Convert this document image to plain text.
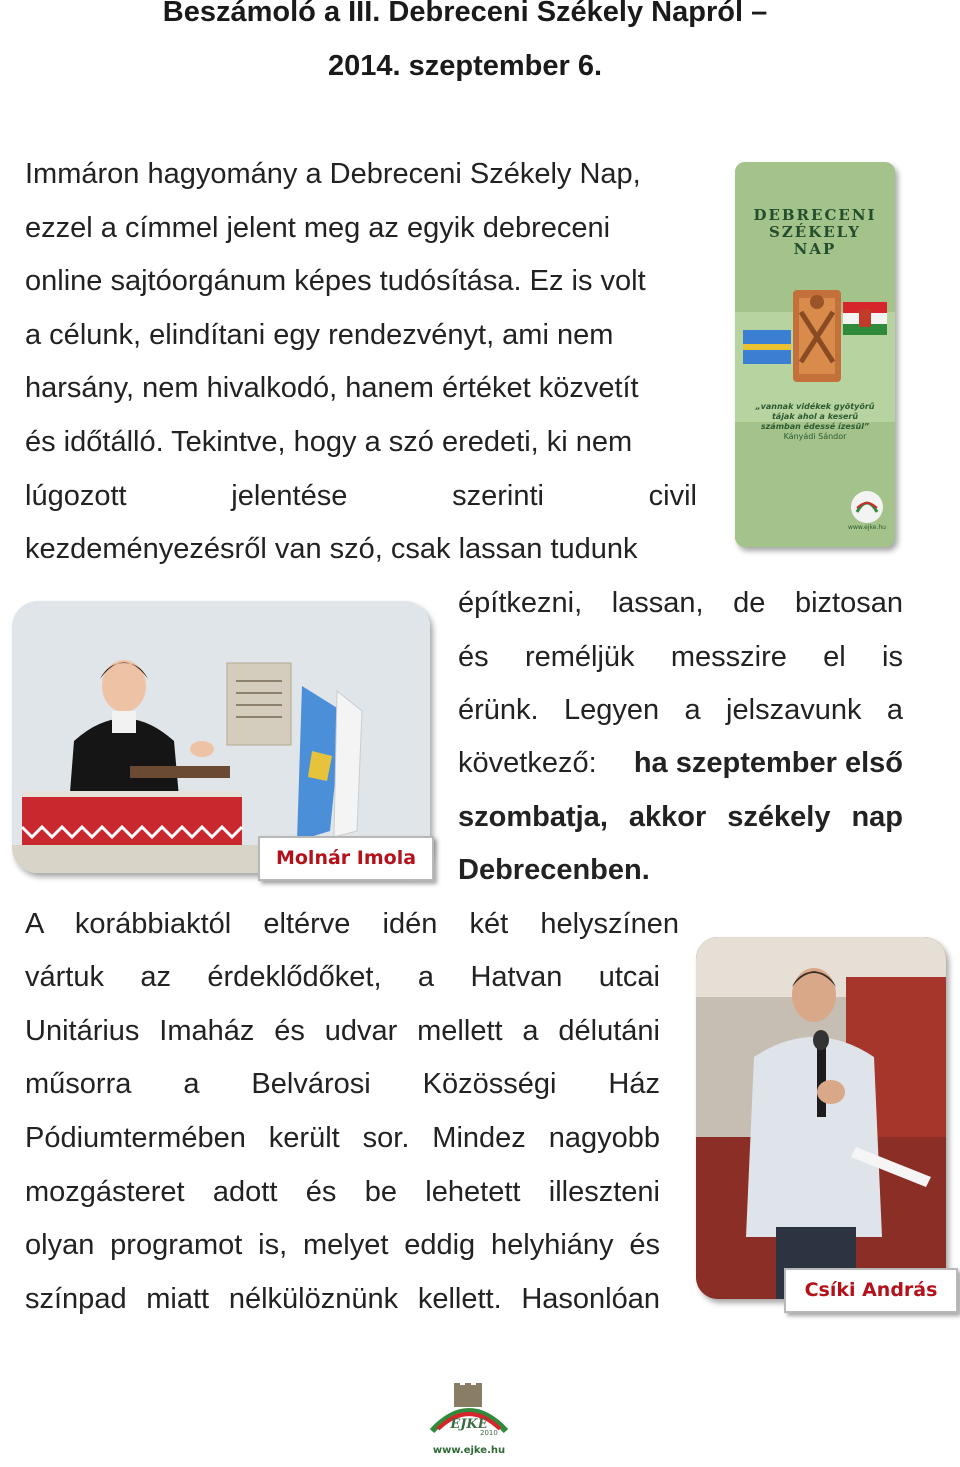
Beszámoló a III. Debreceni Székely Napról –
2014. szeptember 6.
Immáron hagyomány a Debreceni Székely Nap,
ezzel a címmel jelent meg az egyik debreceni
online sajtóorgánum képes tudósítása. Ez is volt
a célunk, elindítani egy rendezvényt, ami nem
harsány, nem hivalkodó, hanem értéket közvetít
és időtálló. Tekintve, hogy a szó eredeti, ki nem
lúgozott jelentése szerinti civil
kezdeményezésről van szó, csak lassan tudunk
építkezni, lassan, de biztosan
és reméljük messzire el is
érünk. Legyen a jelszavunk a
következő: ha szeptember első
szombatja, akkor székely nap
Debrecenben.
A korábbiaktól eltérve idén két helyszínen
vártuk az érdeklődőket, a Hatvan utcai
Unitárius Imaház és udvar mellett a délutáni
műsorra a Belvárosi Közösségi Ház
Pódiumtermében került sor. Mindez nagyobb
mozgásteret adott és be lehetett illeszteni
olyan programot is, melyet eddig helyhiány és
színpad miatt nélkülöznünk kellett. Hasonlóan
DEBRECENI
SZÉKELY
NAP
„vannak vidékek gyötyörű
tájak ahol a keserű
számban édessé ízesül”
Kányádi Sándor
www.ejke.hu
Molnár Imola
Csíki András
EJKE
2010
www.ejke.hu
